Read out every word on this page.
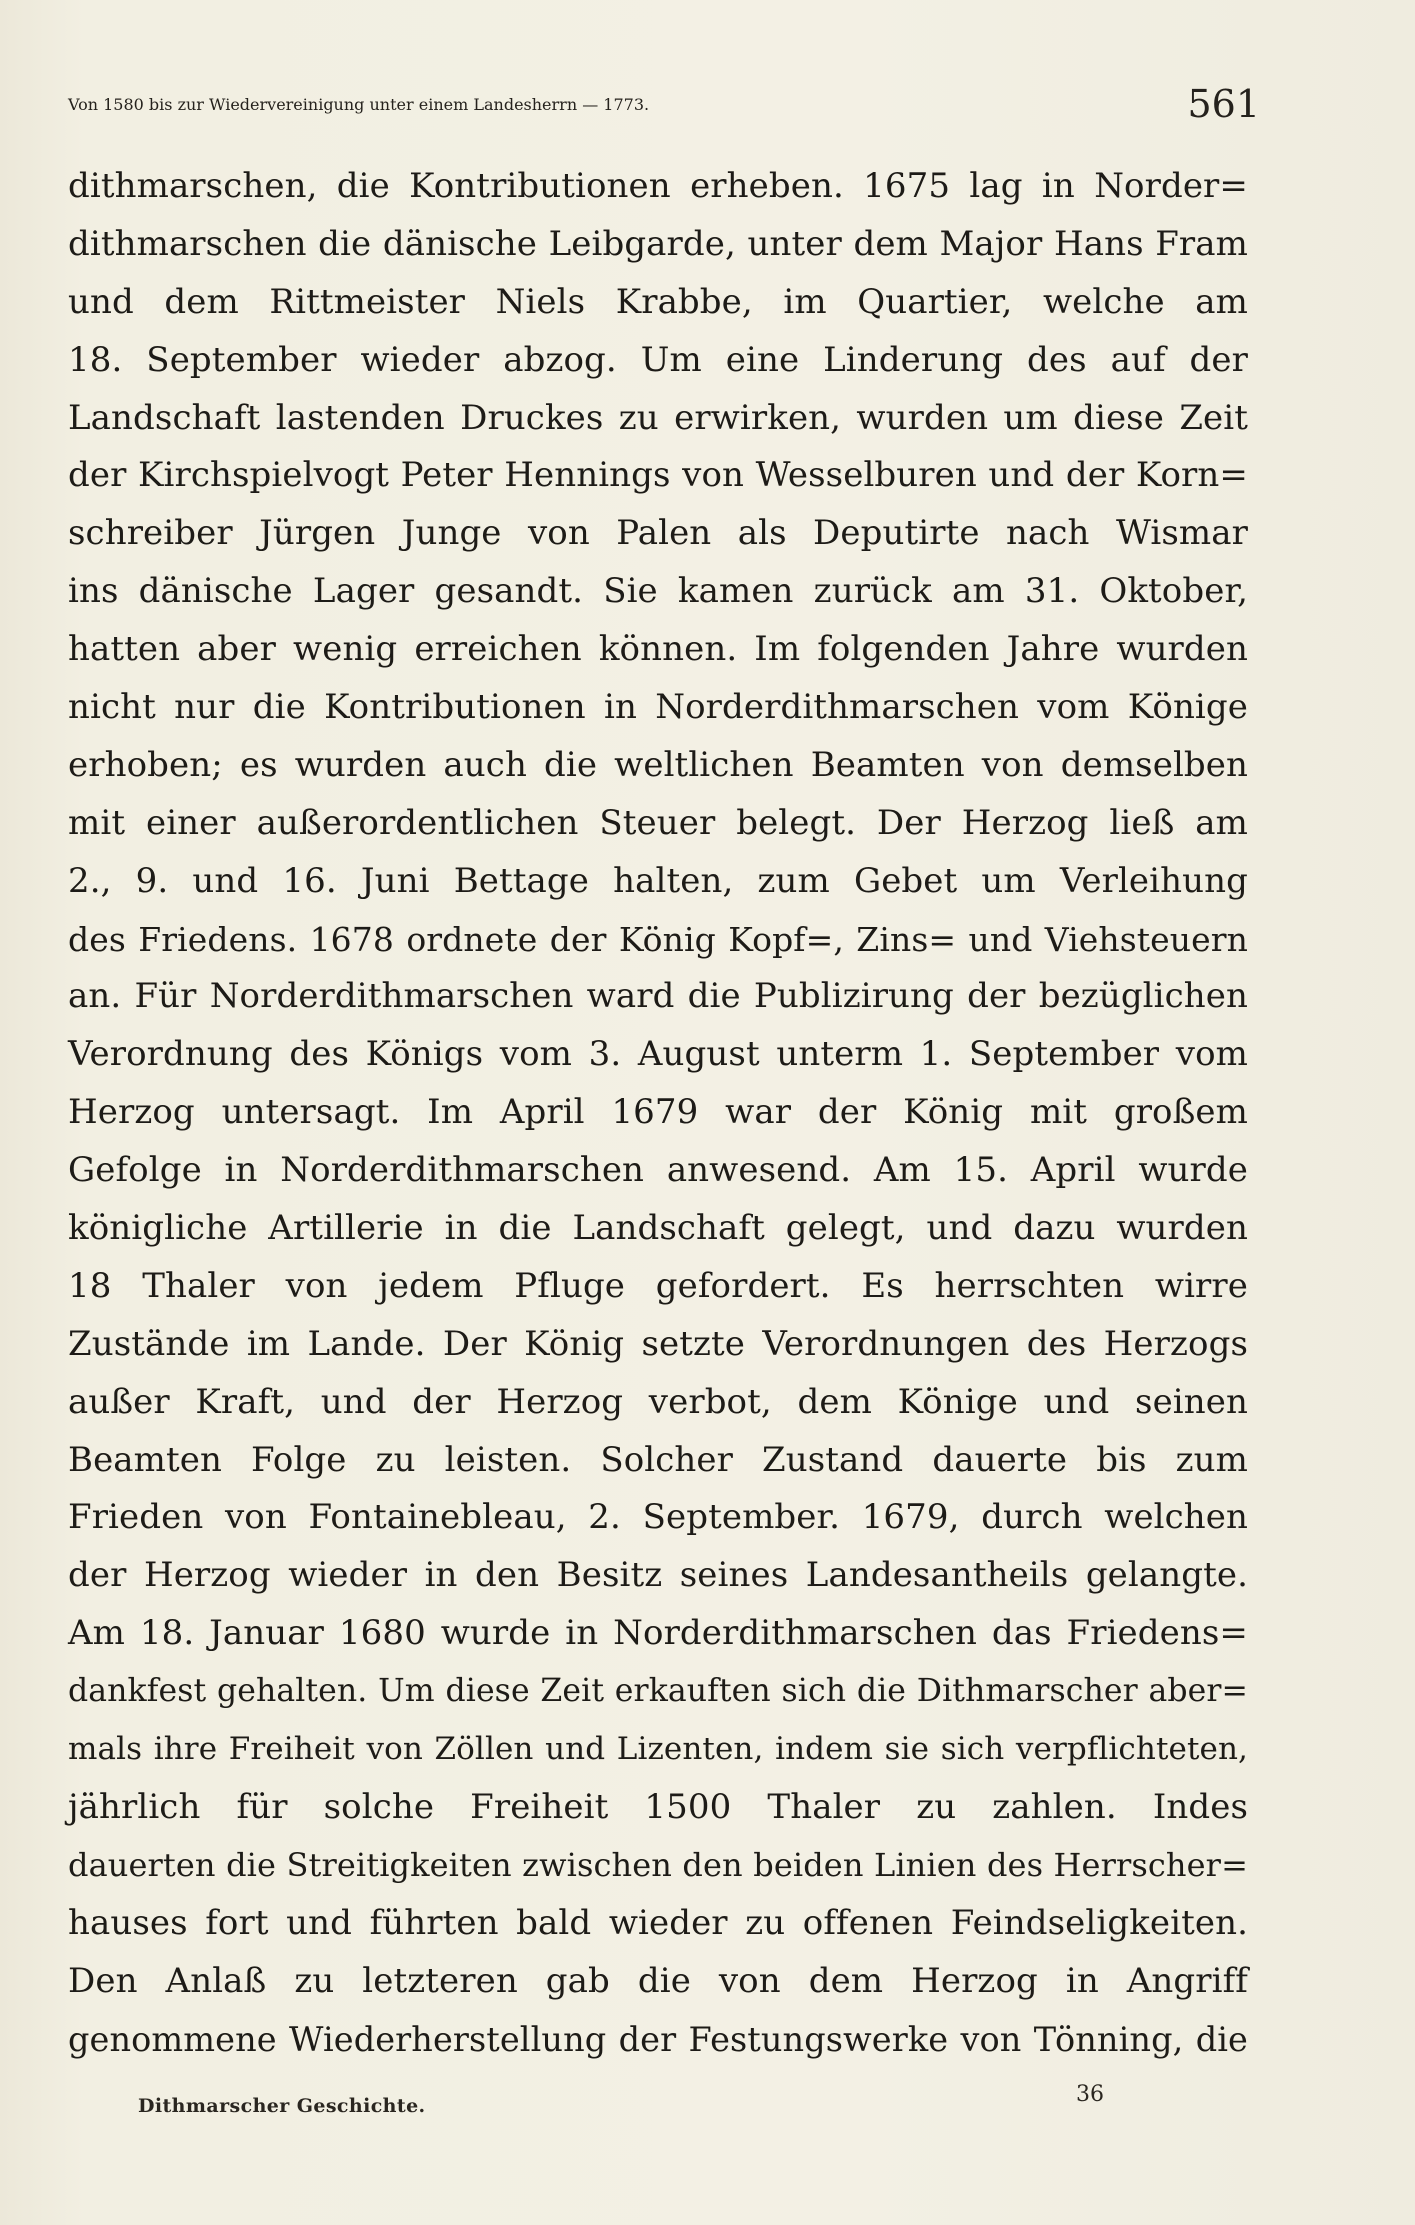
Von 1580 bis zur Wiedervereinigung unter einem Landesherrn — 1773.	561
dithmarschen, die Kontributionen erheben. 1675 lag in Norder=
dithmarschen die dänische Leibgarde, unter dem Major Hans Fram
und dem Rittmeister Niels Krabbe, im Quartier, welche am
18. September wieder abzog. Um eine Linderung des auf der
Landschaft lastenden Druckes zu erwirken, wurden um diese Zeit
der Kirchspielvogt Peter Hennings von Wesselburen und der Korn=
schreiber Jürgen Junge von Palen als Deputirte nach Wismar
ins dänische Lager gesandt. Sie kamen zurück am 31. Oktober,
hatten aber wenig erreichen können. Im folgenden Jahre wurden
nicht nur die Kontributionen in Norderdithmarschen vom Könige
erhoben; es wurden auch die weltlichen Beamten von demselben
mit einer außerordentlichen Steuer belegt. Der Herzog ließ am
2., 9. und 16. Juni Bettage halten, zum Gebet um Verleihung
des Friedens. 1678 ordnete der König Kopf=, Zins= und Viehsteuern
an. Für Norderdithmarschen ward die Publizirung der bezüglichen
Verordnung des Königs vom 3. August unterm 1. September vom
Herzog untersagt. Im April 1679 war der König mit großem
Gefolge in Norderdithmarschen anwesend. Am 15. April wurde
königliche Artillerie in die Landschaft gelegt, und dazu wurden
18 Thaler von jedem Pfluge gefordert. Es herrschten wirre
Zustände im Lande. Der König setzte Verordnungen des Herzogs
außer Kraft, und der Herzog verbot, dem Könige und seinen
Beamten Folge zu leisten. Solcher Zustand dauerte bis zum
Frieden von Fontainebleau, 2. September. 1679, durch welchen
der Herzog wieder in den Besitz seines Landesantheils gelangte.
Am 18. Januar 1680 wurde in Norderdithmarschen das Friedens=
dankfest gehalten. Um diese Zeit erkauften sich die Dithmarscher aber=
mals ihre Freiheit von Zöllen und Lizenten, indem sie sich verpflichteten,
jährlich für solche Freiheit 1500 Thaler zu zahlen. Indes
dauerten die Streitigkeiten zwischen den beiden Linien des Herrscher=
hauses fort und führten bald wieder zu offenen Feindseligkeiten.
Den Anlaß zu letzteren gab die von dem Herzog in Angriff
genommene Wiederherstellung der Festungswerke von Tönning, die
Dithmarscher Geschichte.	36
